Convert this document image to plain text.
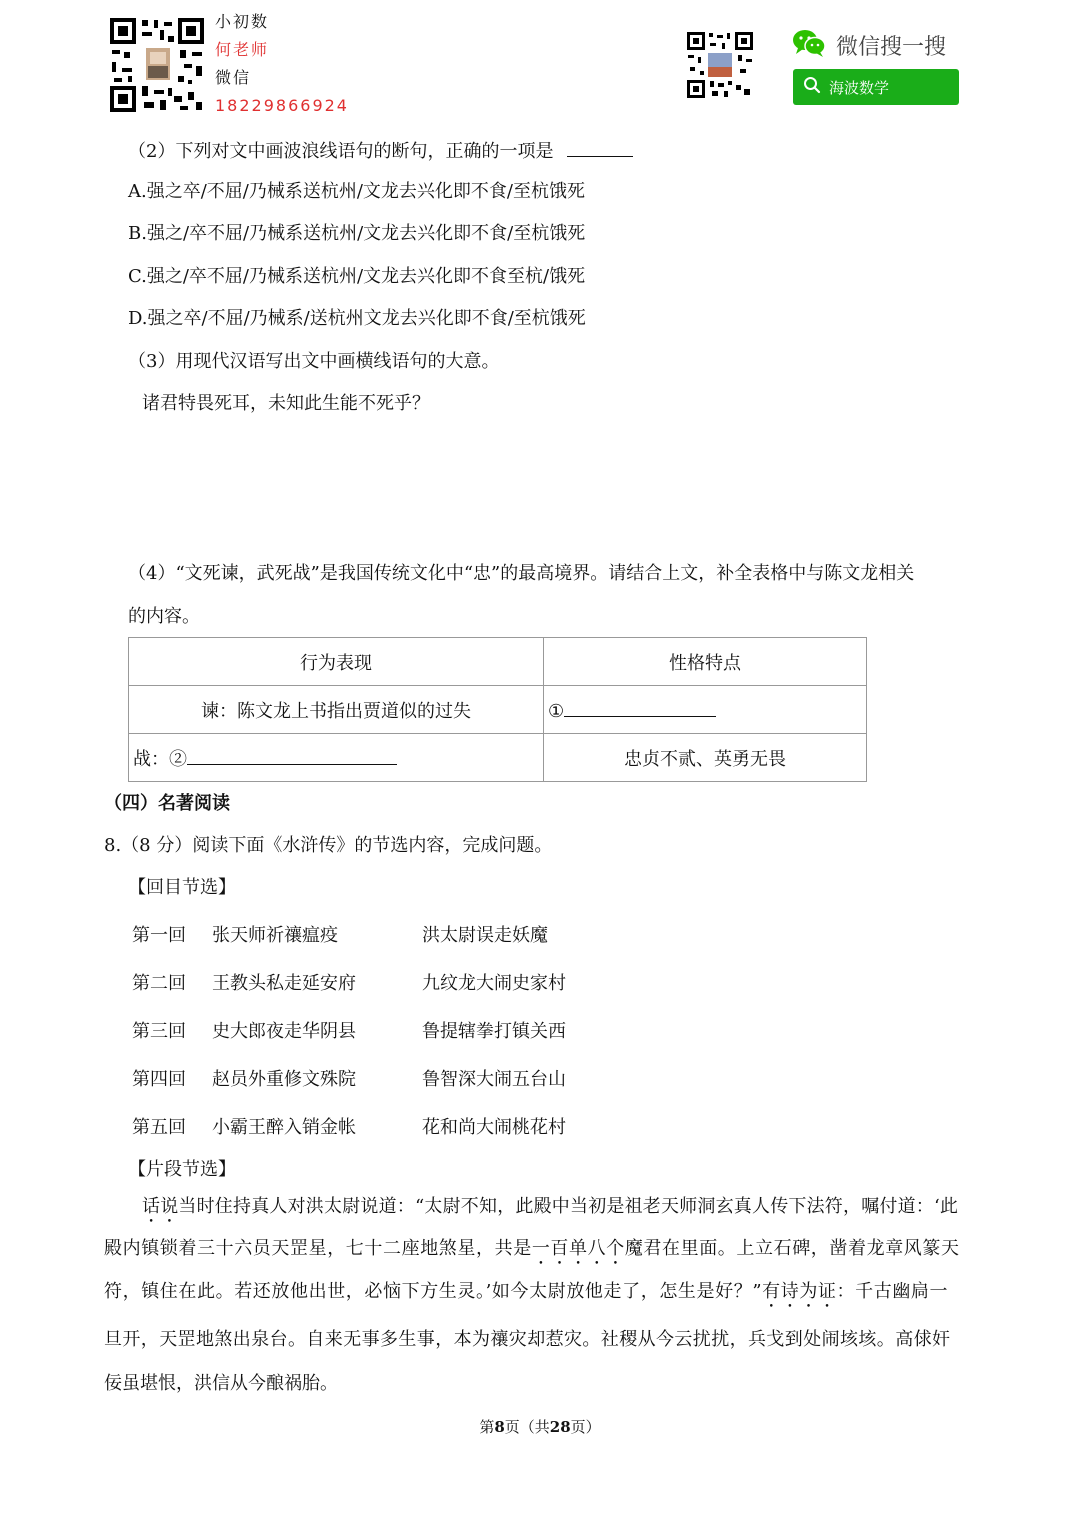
小初数
何老师
微信
18229866924
微信搜一搜
海波数学
（2）下列对文中画波浪线语句的断句，正确的一项是
A.强之卒/不屈/乃械系送杭州/文龙去兴化即不食/至杭饿死
B.强之/卒不屈/乃械系送杭州/文龙去兴化即不食/至杭饿死
C.强之/卒不屈/乃械系送杭州/文龙去兴化即不食至杭/饿死
D.强之卒/不屈/乃械系/送杭州文龙去兴化即不食/至杭饿死
（3）用现代汉语写出文中画横线语句的大意。
诸君特畏死耳，未知此生能不死乎？
（4）“文死谏，武死战”是我国传统文化中“忠”的最高境界。请结合上文，补全表格中与陈文龙相关
的内容。
行为表现	性格特点
谏：陈文龙上书指出贾道似的过失	①
战：②	忠贞不贰、英勇无畏
（四）名著阅读
8.（8 分）阅读下面《水浒传》的节选内容，完成问题。
【回目节选】
第一回 张天师祈禳瘟疫	洪太尉误走妖魔
第二回 王教头私走延安府	九纹龙大闹史家村
第三回 史大郎夜走华阴县	鲁提辖拳打镇关西
第四回 赵员外重修文殊院	鲁智深大闹五台山
第五回 小霸王醉入销金帐	花和尚大闹桃花村
【片段节选】
话说当时住持真人对洪太尉说道：“太尉不知，此殿中当初是祖老天师洞玄真人传下法符，嘱付道：‘此
殿内镇锁着三十六员天罡星，七十二座地煞星，共是一百单八个魔君在里面。上立石碑，凿着龙章风篆天
符，镇住在此。若还放他出世，必恼下方生灵。’如今太尉放他走了，怎生是好？”有诗为证：千古幽扃一
旦开，天罡地煞出泉台。自来无事多生事，本为禳灾却惹灾。社稷从今云扰扰，兵戈到处闹垓垓。高俅奸
佞虽堪恨，洪信从今酿祸胎。
第8页（共28页）
